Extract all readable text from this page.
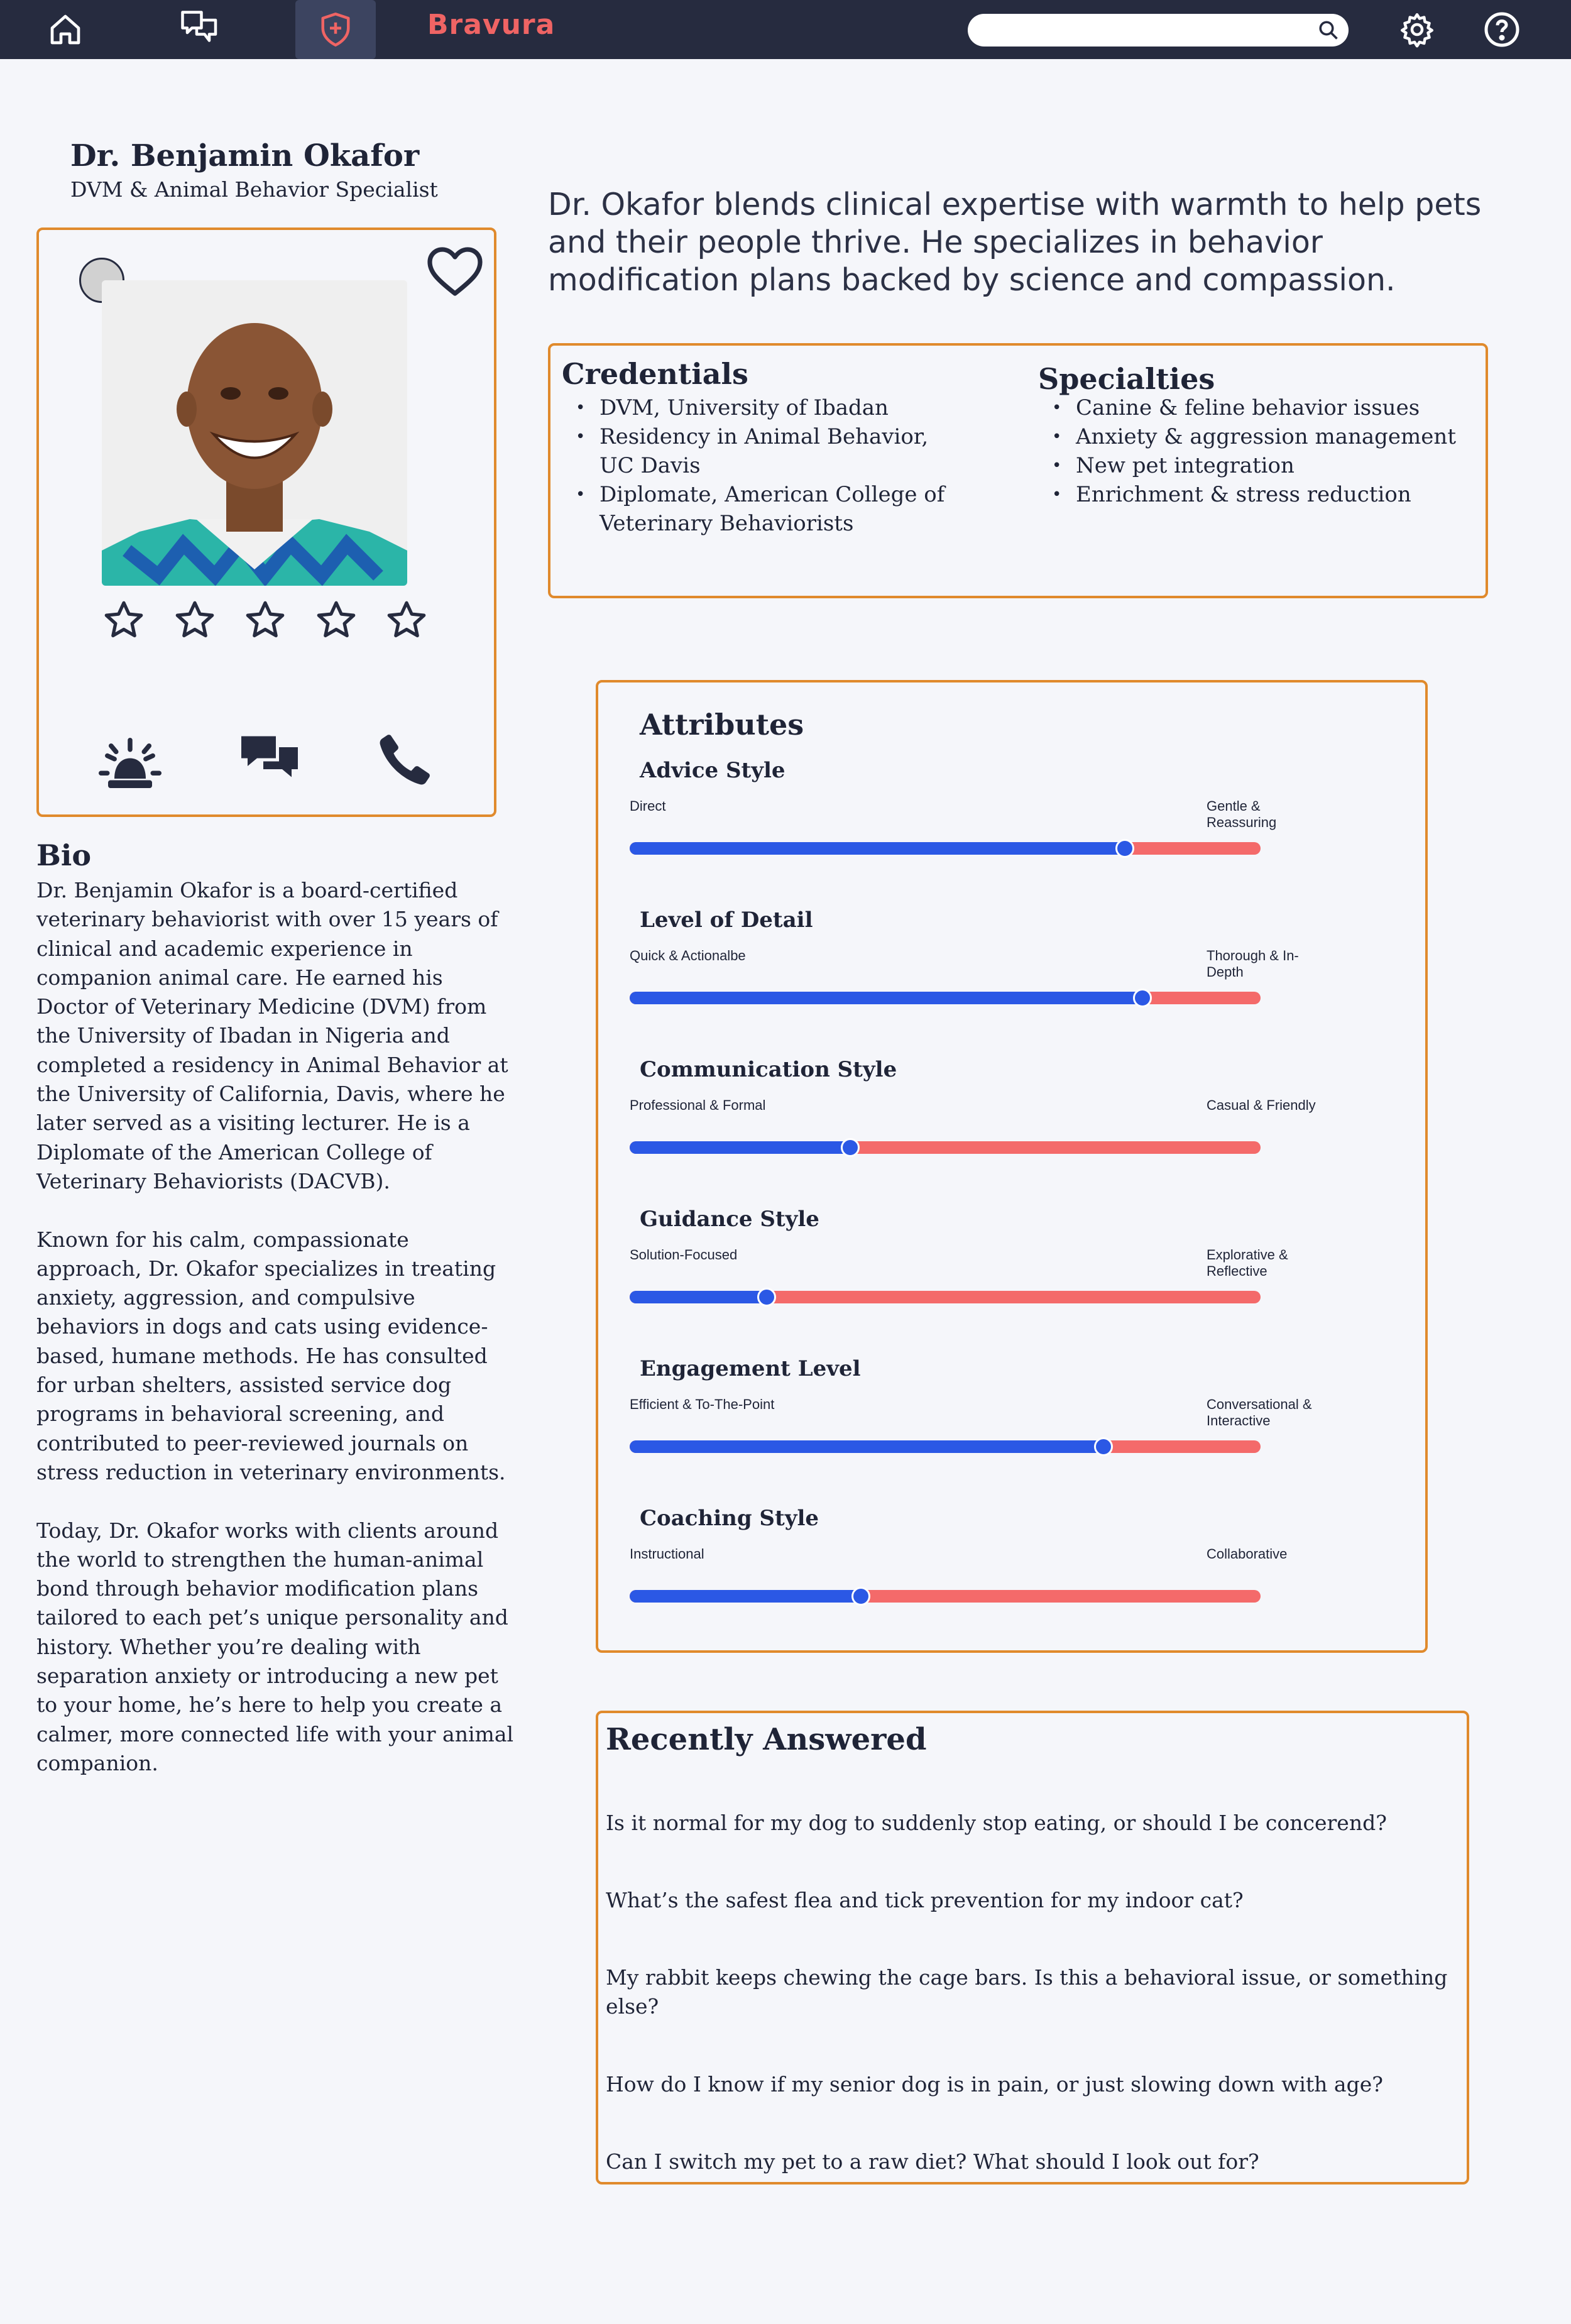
Bravura
Dr. Benjamin Okafor
DVM & Animal Behavior Specialist
Bio

Dr. Benjamin Okafor is a board-certified veterinary behaviorist with over 15 years of clinical and academic experience in companion animal care. He earned his Doctor of Veterinary Medicine (DVM) from the University of Ibadan in Nigeria and completed a residency in Animal Behavior at the University of California, Davis, where he later served as a visiting lecturer. He is a Diplomate of the American College of Veterinary Behaviorists (DACVB).

Known for his calm, compassionate approach, Dr. Okafor specializes in treating anxiety, aggression, and compulsive behaviors in dogs and cats using evidence-based, humane methods. He has consulted for urban shelters, assisted service dog programs in behavioral screening, and contributed to peer-reviewed journals on stress reduction in veterinary environments.

Today, Dr. Okafor works with clients around the world to strengthen the human-animal bond through behavior modification plans tailored to each pet’s unique personality and history. Whether you’re dealing with separation anxiety or introducing a new pet to your home, he’s here to help you create a calmer, more connected life with your animal companion.

Dr. Okafor blends clinical expertise with warmth to help pets and their people thrive. He specializes in behavior modification plans backed by science and compassion.
Credentials
• DVM, University of Ibadan
• Residency in Animal Behavior, UC Davis
• Diplomate, American College of Veterinary Behaviorists
Specialties
• Canine & feline behavior issues
• Anxiety & aggression management
• New pet integration
• Enrichment & stress reduction
Attributes
Advice Style
Direct	Gentle & Reassuring
Level of Detail
Quick & Actionalbe	Thorough & In-Depth
Communication Style
Professional & Formal	Casual & Friendly
Guidance Style
Solution-Focused	Explorative & Reflective
Engagement Level
Efficient & To-The-Point	Conversational & Interactive
Coaching Style
Instructional	Collaborative
Recently Answered
Is it normal for my dog to suddenly stop eating, or should I be concerend?
What’s the safest flea and tick prevention for my indoor cat?
My rabbit keeps chewing the cage bars. Is this a behavioral issue, or something else?
How do I know if my senior dog is in pain, or just slowing down with age?
Can I switch my pet to a raw diet? What should I look out for?
